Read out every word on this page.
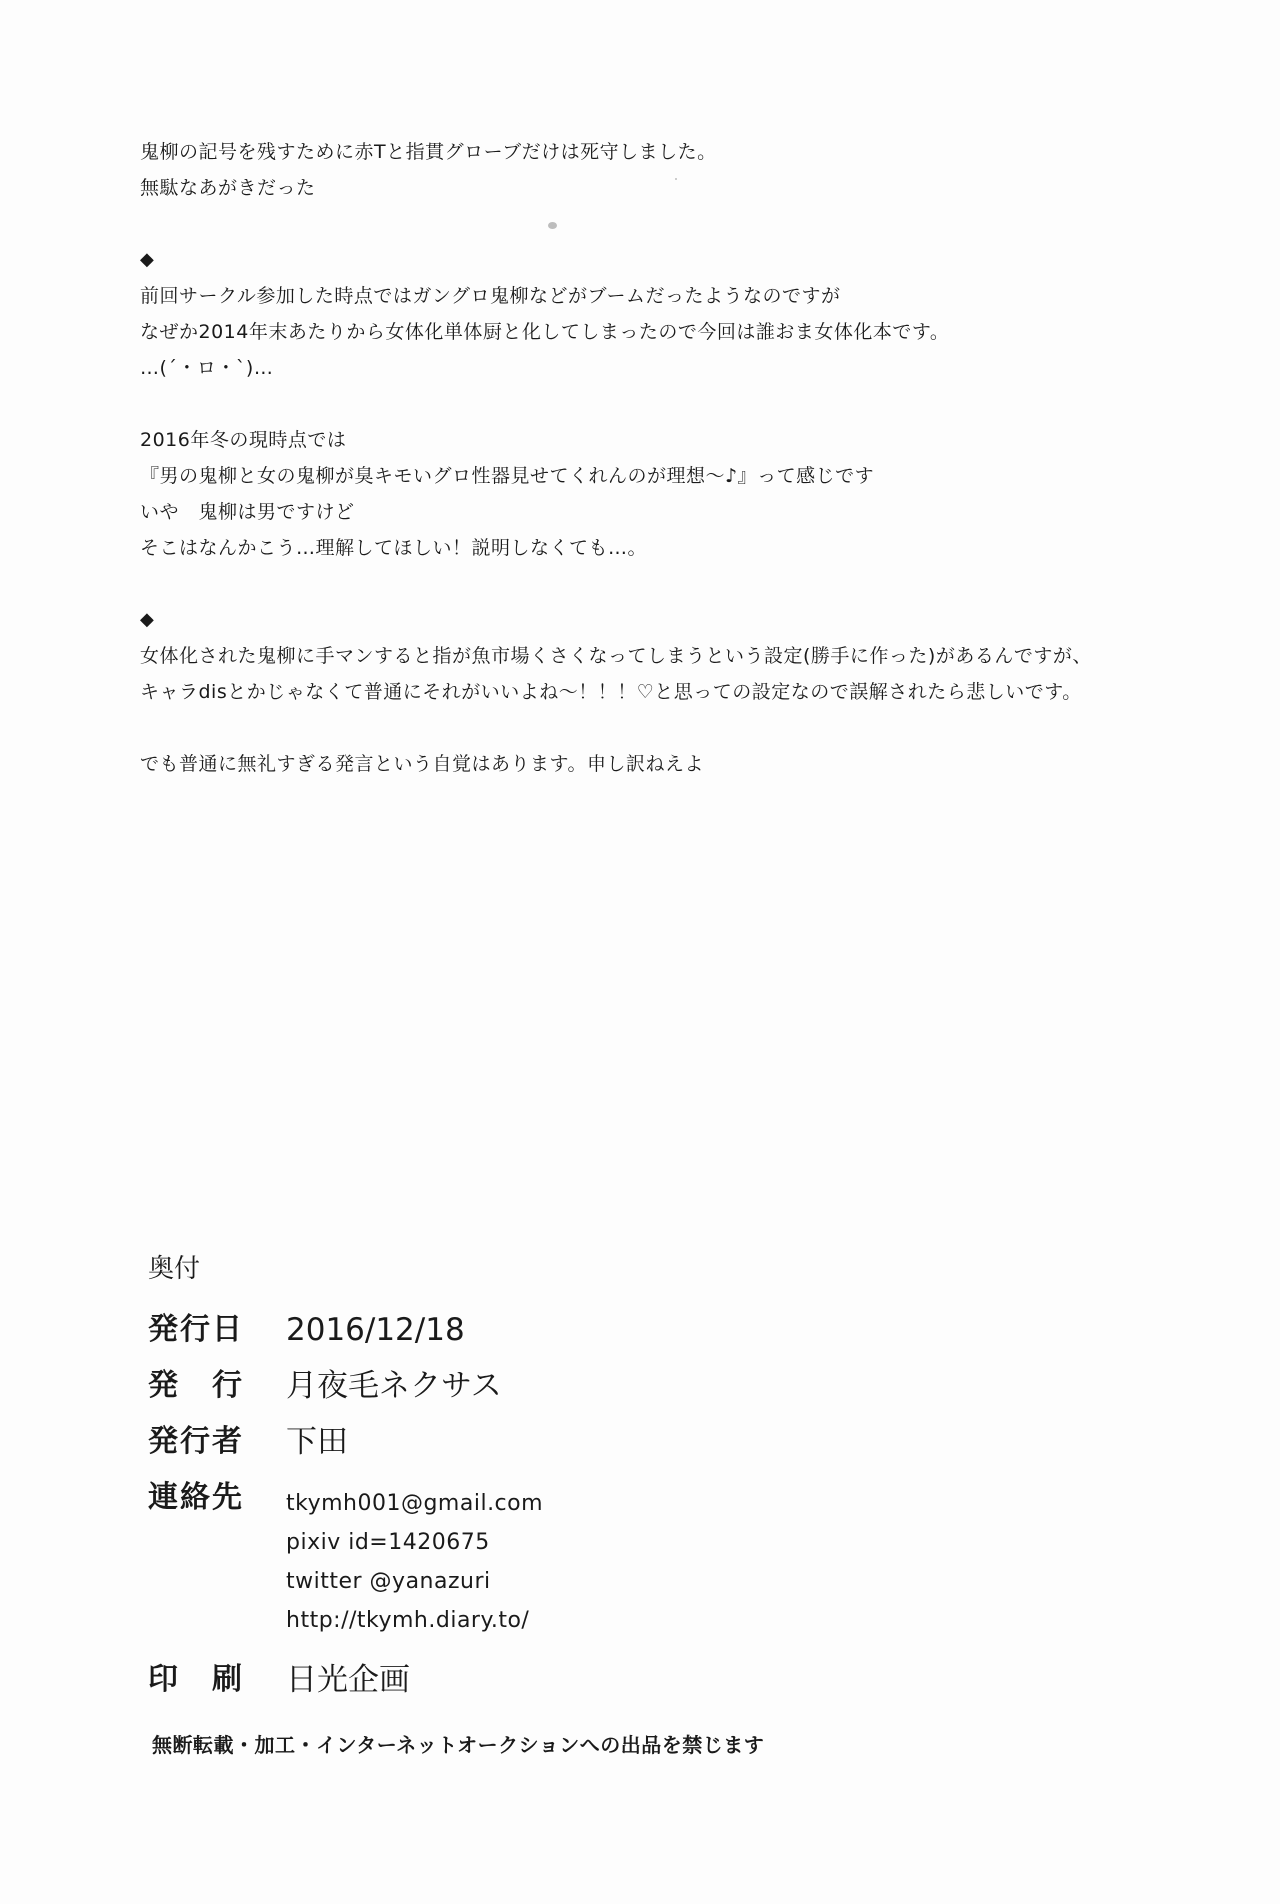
鬼柳の記号を残すために赤Tと指貫グローブだけは死守しました。
無駄なあがきだった
◆
前回サークル参加した時点ではガングロ鬼柳などがブームだったようなのですが
なぜか2014年末あたりから女体化単体厨と化してしまったので今回は誰おま女体化本です。
…(´・ロ・`)…
2016年冬の現時点では
『男の鬼柳と女の鬼柳が臭キモいグロ性器見せてくれんのが理想～♪』って感じです
いや　鬼柳は男ですけど
そこはなんかこう…理解してほしい！説明しなくても…。
◆
女体化された鬼柳に手マンすると指が魚市場くさくなってしまうという設定(勝手に作った)があるんですが、
キャラdisとかじゃなくて普通にそれがいいよね～！！！♡と思っての設定なので誤解されたら悲しいです。
でも普通に無礼すぎる発言という自覚はあります。申し訳ねえよ
奥付
発行日	2016/12/18
発　行	月夜毛ネクサス
発行者	下田
連絡先	tkymh001@gmail.com
pixiv id=1420675
twitter @yanazuri
http://tkymh.diary.to/
印　刷	日光企画
無断転載・加工・インターネットオークションへの出品を禁じます
